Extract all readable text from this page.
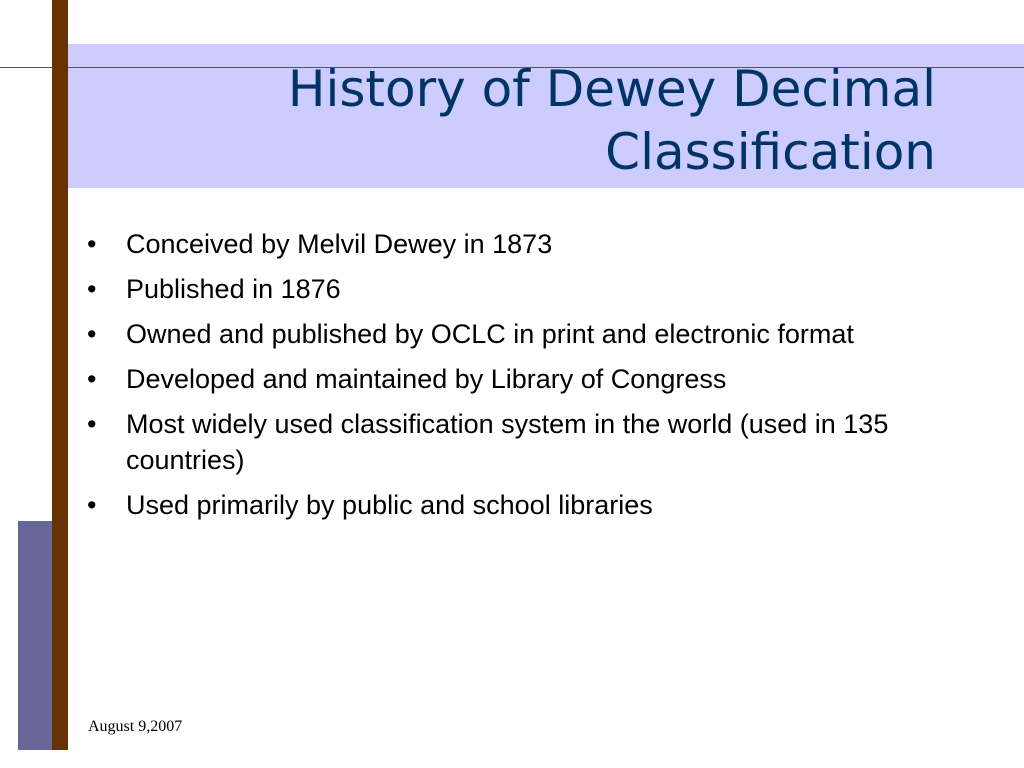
History of Dewey Decimal
Classification
• Conceived by Melvil Dewey in 1873
• Published in 1876
• Owned and published by OCLC in print and electronic format
• Developed and maintained by Library of Congress
• Most widely used classification system in the world (used in 135 countries)
• Used primarily by public and school libraries
August 9,2007
